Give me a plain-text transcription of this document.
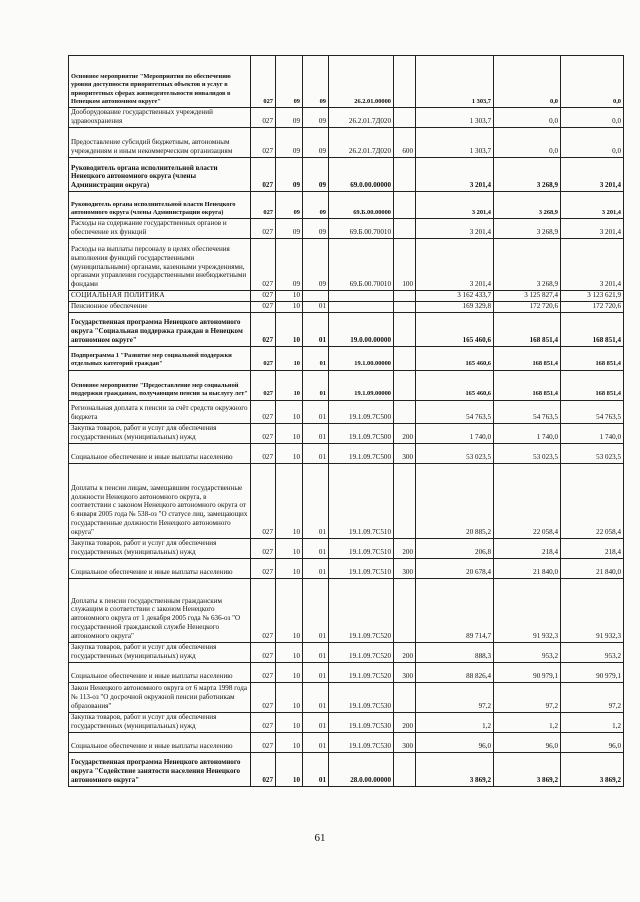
Основное мероприятие "Мероприятия по обеспечению уровня доступности приоритетных объектов и услуг в приоритетных сферах жизнедеятельности инвалидов в Ненецком автономном округе"	027	09	09	26.2.01.00000		1 303,7	0,0	0,0
Дооборудование государственных учреждений здравоохранения	027	09	09	26.2.01.7Д020		1 303,7	0,0	0,0
Предоставление субсидий бюджетным, автономным учреждениям и иным некоммерческим организациям	027	09	09	26.2.01.7Д020	600	1 303,7	0,0	0,0
Руководитель органа исполнительной власти Ненецкого автономного округа (члены Администрации округа)	027	09	09	69.0.00.00000		3 201,4	3 268,9	3 201,4
Руководитель органа исполнительной власти Ненецкого автономного округа (члены Администрации округа)	027	09	09	69.Б.00.00000		3 201,4	3 268,9	3 201,4
Расходы на содержание государственных органов и обеспечение их функций	027	09	09	69.Б.00.70010		3 201,4	3 268,9	3 201,4
Расходы на выплаты персоналу в целях обеспечения выполнения функций государственными (муниципальными) органами, казенными учреждениями, органами управления государственными внебюджетными фондами	027	09	09	69.Б.00.70010	100	3 201,4	3 268,9	3 201,4
СОЦИАЛЬНАЯ ПОЛИТИКА	027	10				3 162 433,7	3 125 827,4	3 123 621,9
Пенсионное обеспечение	027	10	01			169 329,8	172 720,6	172 720,6
Государственная программа Ненецкого автономного округа "Социальная поддержка граждан в Ненецком автономном округе"	027	10	01	19.0.00.00000		165 460,6	168 851,4	168 851,4
Подпрограмма 1 "Развитие мер социальной поддержки отдельных категорий граждан"	027	10	01	19.1.00.00000		165 460,6	168 851,4	168 851,4
Основное мероприятие "Предоставление мер социальной поддержки гражданам, получающим пенсии за выслугу лет"	027	10	01	19.1.09.00000		165 460,6	168 851,4	168 851,4
Региональная доплата к пенсии за счёт средств окружного бюджета	027	10	01	19.1.09.7С500		54 763,5	54 763,5	54 763,5
Закупка товаров, работ и услуг для обеспечения государственных (муниципальных) нужд	027	10	01	19.1.09.7С500	200	1 740,0	1 740,0	1 740,0
Социальное обеспечение и иные выплаты населению	027	10	01	19.1.09.7С500	300	53 023,5	53 023,5	53 023,5
Доплаты к пенсии лицам, замещавшим государственные должности Ненецкого автономного округа, в соответствии с законом Ненецкого автономного округа от 6 января 2005 года № 538-оз "О статусе лиц, замещающих государственные должности Ненецкого автономного округа"	027	10	01	19.1.09.7С510		20 885,2	22 058,4	22 058,4
Закупка товаров, работ и услуг для обеспечения государственных (муниципальных) нужд	027	10	01	19.1.09.7С510	200	206,8	218,4	218,4
Социальное обеспечение и иные выплаты населению	027	10	01	19.1.09.7С510	300	20 678,4	21 840,0	21 840,0
Доплаты к пенсии государственным гражданским служащим в соответствии с законом Ненецкого автономного округа от 1 декабря 2005 года № 636-оз "О государственной гражданской службе Ненецкого автономного округа"	027	10	01	19.1.09.7С520		89 714,7	91 932,3	91 932,3
Закупка товаров, работ и услуг для обеспечения государственных (муниципальных) нужд	027	10	01	19.1.09.7С520	200	888,3	953,2	953,2
Социальное обеспечение и иные выплаты населению	027	10	01	19.1.09.7С520	300	88 826,4	90 979,1	90 979,1
Закон Ненецкого автономного округа от 6 марта 1998 года № 113-оз "О досрочной окружной пенсии работникам образования"	027	10	01	19.1.09.7С530		97,2	97,2	97,2
Закупка товаров, работ и услуг для обеспечения государственных (муниципальных) нужд	027	10	01	19.1.09.7С530	200	1,2	1,2	1,2
Социальное обеспечение и иные выплаты населению	027	10	01	19.1.09.7С530	300	96,0	96,0	96,0
Государственная программа Ненецкого автономного округа "Содействие занятости населения Ненецкого автономного округа"	027	10	01	28.0.00.00000		3 869,2	3 869,2	3 869,2
61
